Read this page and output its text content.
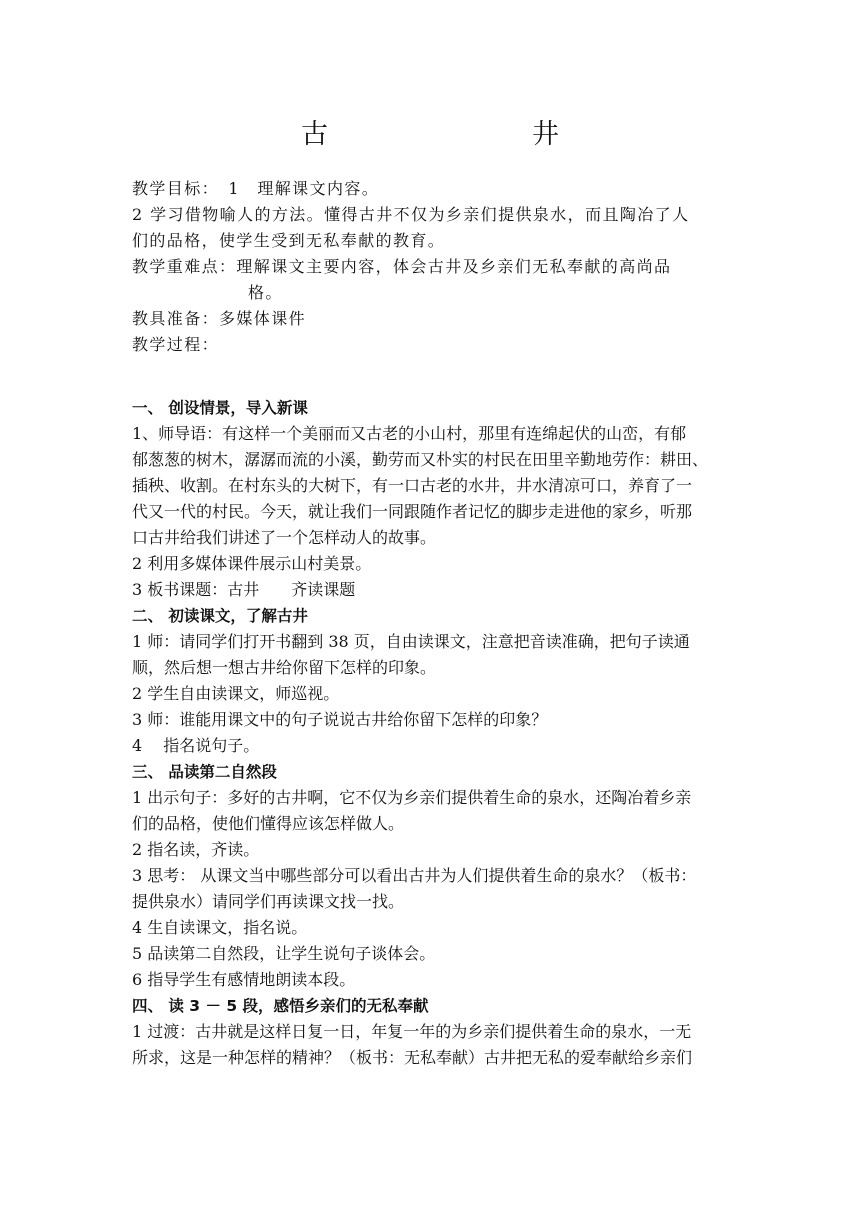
古　　井
教学目标：　1　理解课文内容。
2 学习借物喻人的方法。懂得古井不仅为乡亲们提供泉水，而且陶冶了人
们的品格，使学生受到无私奉献的教育。
教学重难点：理解课文主要内容，体会古井及乡亲们无私奉献的高尚品
格。
教具准备：多媒体课件
教学过程：
一、 创设情景，导入新课
1、师导语：有这样一个美丽而又古老的小山村，那里有连绵起伏的山峦，有郁
郁葱葱的树木，潺潺而流的小溪，勤劳而又朴实的村民在田里辛勤地劳作：耕田、
插秧、收割。在村东头的大树下，有一口古老的水井，井水清凉可口，养育了一
代又一代的村民。今天，就让我们一同跟随作者记忆的脚步走进他的家乡，听那
口古井给我们讲述了一个怎样动人的故事。
2 利用多媒体课件展示山村美景。
3 板书课题：古井　　齐读课题
二、 初读课文，了解古井
1 师：请同学们打开书翻到 38 页，自由读课文，注意把音读准确，把句子读通
顺，然后想一想古井给你留下怎样的印象。
2 学生自由读课文，师巡视。
3 师：谁能用课文中的句子说说古井给你留下怎样的印象？
4　 指名说句子。
三、 品读第二自然段
1 出示句子：多好的古井啊，它不仅为乡亲们提供着生命的泉水，还陶冶着乡亲
们的品格，使他们懂得应该怎样做人。
2 指名读，齐读。
3 思考： 从课文当中哪些部分可以看出古井为人们提供着生命的泉水？（板书：
提供泉水）请同学们再读课文找一找。
4 生自读课文，指名说。
5 品读第二自然段，让学生说句子谈体会。
6 指导学生有感情地朗读本段。
四、 读 3 － 5 段，感悟乡亲们的无私奉献
1 过渡：古井就是这样日复一日，年复一年的为乡亲们提供着生命的泉水，一无
所求，这是一种怎样的精神？（板书：无私奉献）古井把无私的爱奉献给乡亲们
